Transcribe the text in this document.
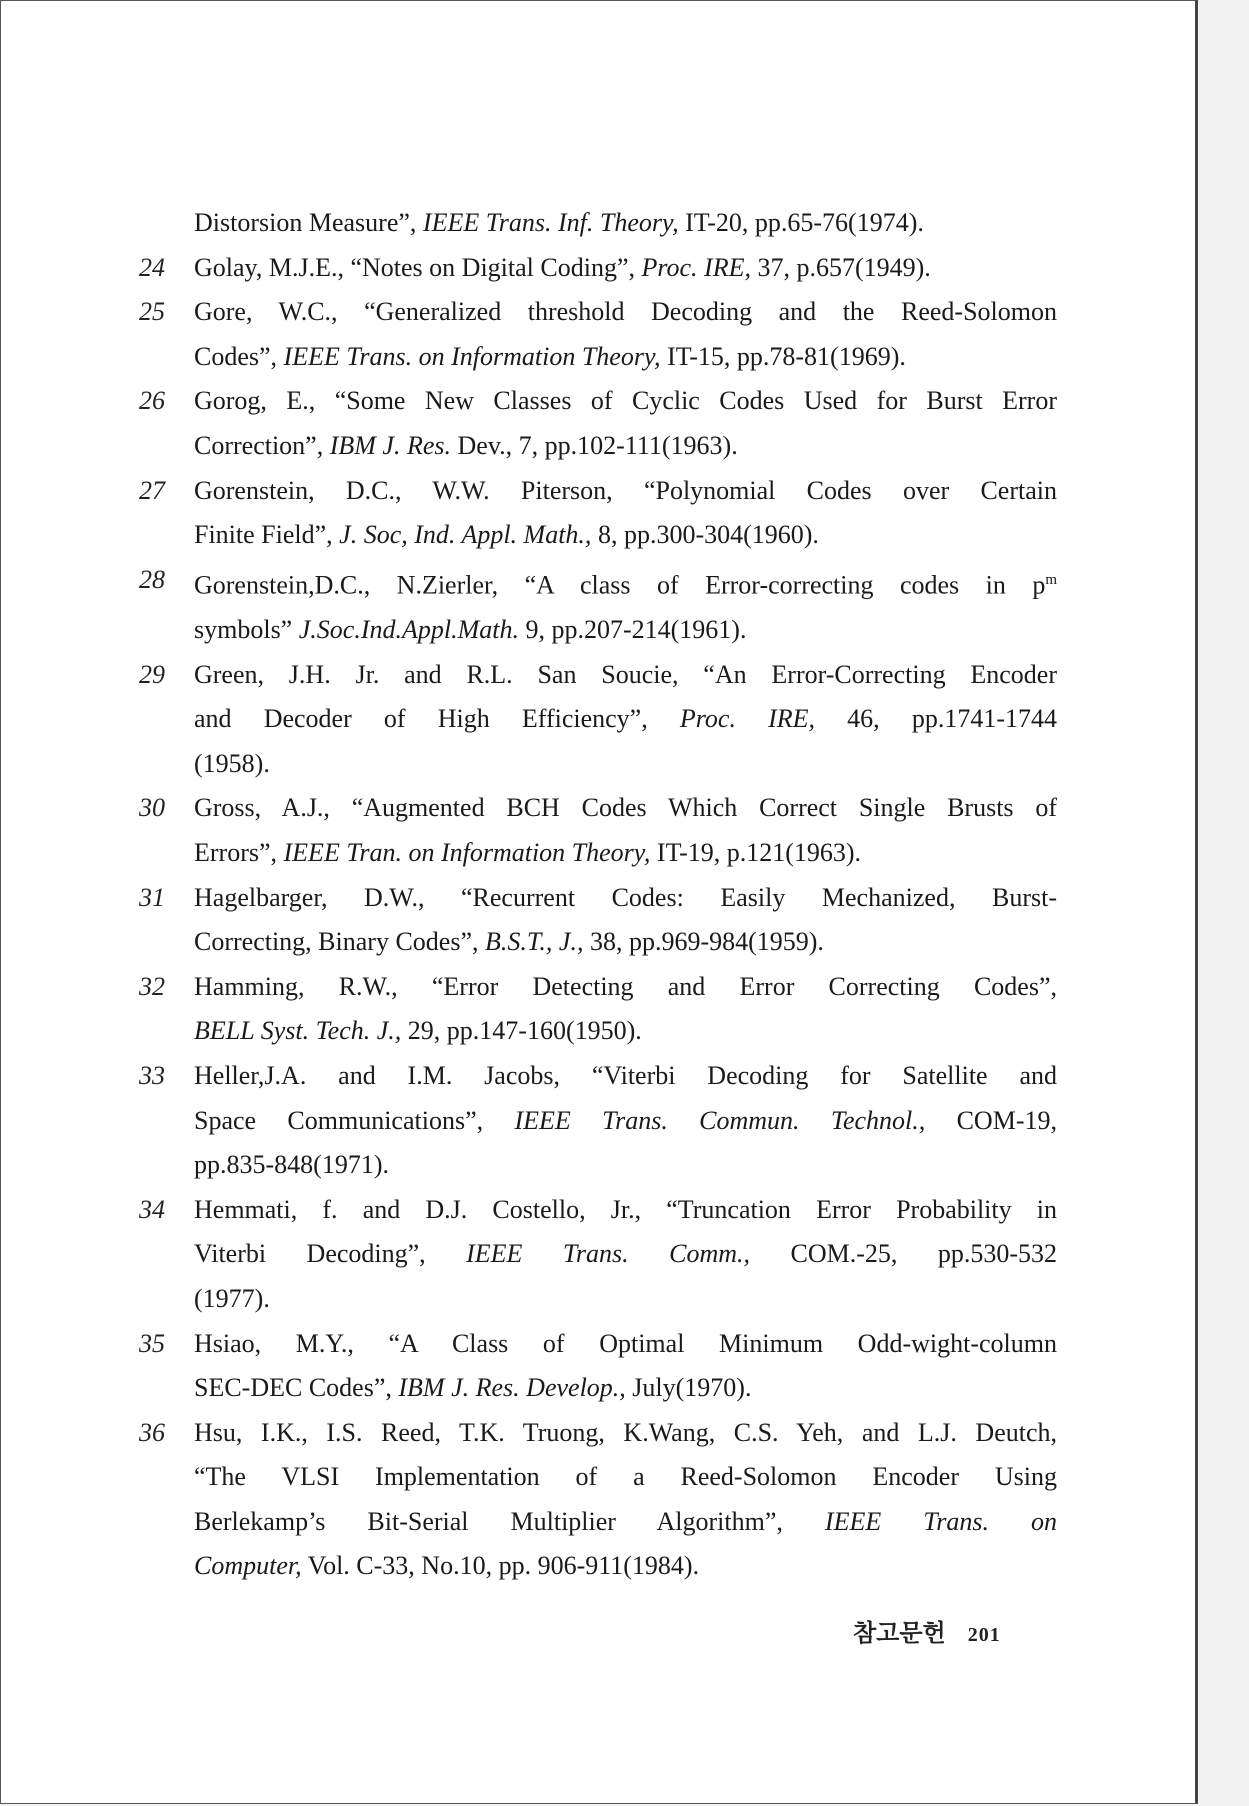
Distorsion Measure”, IEEE Trans. Inf. Theory, IT-20, pp.65-76(1974).
24 Golay, M.J.E., “Notes on Digital Coding”, Proc. IRE, 37, p.657(1949).
25 Gore, W.C., “Generalized threshold Decoding and the Reed-Solomon
Codes”, IEEE Trans. on Information Theory, IT-15, pp.78-81(1969).
26 Gorog, E., “Some New Classes of Cyclic Codes Used for Burst Error
Correction”, IBM J. Res. Dev., 7, pp.102-111(1963).
27 Gorenstein, D.C., W.W. Piterson, “Polynomial Codes over Certain
Finite Field”, J. Soc, Ind. Appl. Math., 8, pp.300-304(1960).
28 Gorenstein,D.C., N.Zierler, “A class of Error-correcting codes in $p^m$
symbols” J.Soc.Ind.Appl.Math. 9, pp.207-214(1961).
29 Green, J.H. Jr. and R.L. San Soucie, “An Error-Correcting Encoder
and Decoder of High Efficiency”, Proc. IRE, 46, pp.1741-1744
(1958).
30 Gross, A.J., “Augmented BCH Codes Which Correct Single Brusts of
Errors”, IEEE Tran. on Information Theory, IT-19, p.121(1963).
31 Hagelbarger, D.W., “Recurrent Codes: Easily Mechanized, Burst-
Correcting, Binary Codes”, B.S.T., J., 38, pp.969-984(1959).
32 Hamming, R.W., “Error Detecting and Error Correcting Codes”,
BELL Syst. Tech. J., 29, pp.147-160(1950).
33 Heller,J.A. and I.M. Jacobs, “Viterbi Decoding for Satellite and
Space Communications”, IEEE Trans. Commun. Technol., COM-19,
pp.835-848(1971).
34 Hemmati, f. and D.J. Costello, Jr., “Truncation Error Probability in
Viterbi Decoding”, IEEE Trans. Comm., COM.-25, pp.530-532
(1977).
35 Hsiao, M.Y., “A Class of Optimal Minimum Odd-wight-column
SEC-DEC Codes”, IBM J. Res. Develop., July(1970).
36 Hsu, I.K., I.S. Reed, T.K. Truong, K.Wang, C.S. Yeh, and L.J. Deutch,
“The VLSI Implementation of a Reed-Solomon Encoder Using
Berlekamp’s Bit-Serial Multiplier Algorithm”, IEEE Trans. on
Computer, Vol. C-33, No.10, pp. 906-911(1984).
참고문헌 201
